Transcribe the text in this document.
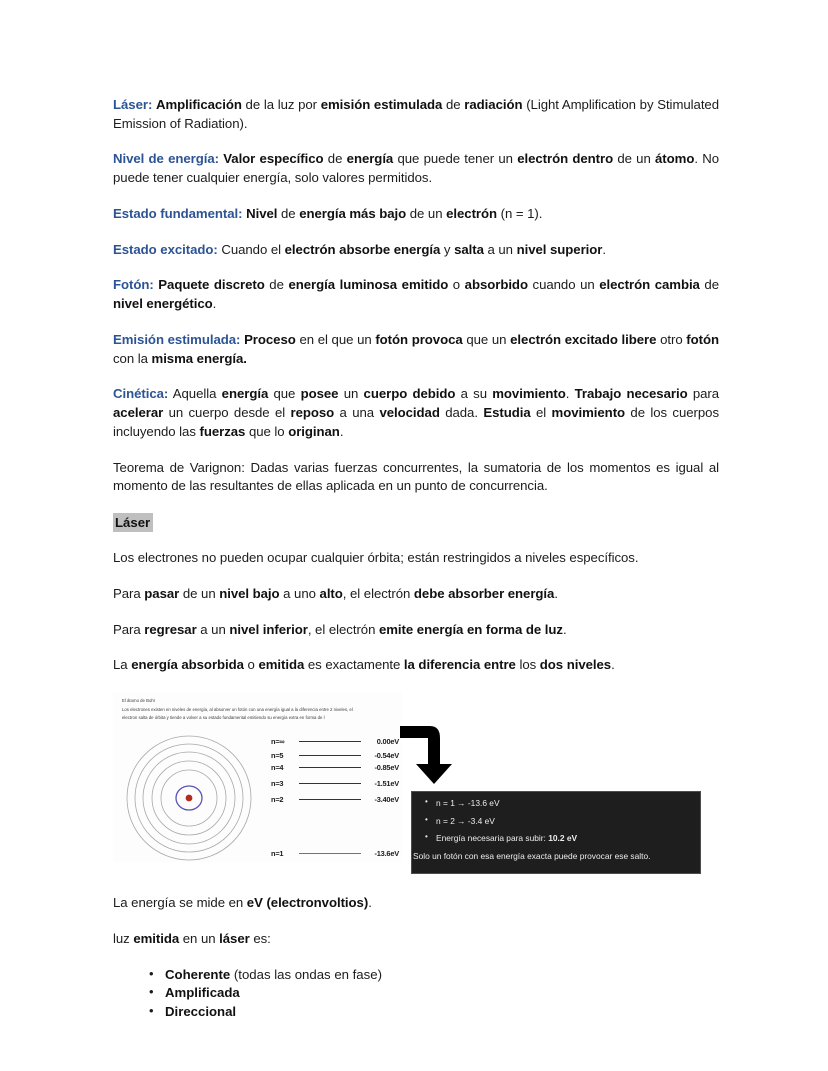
Láser: Amplificación de la luz por emisión estimulada de radiación (Light Amplification by Stimulated Emission of Radiation).

Nivel de energía: Valor específico de energía que puede tener un electrón dentro de un átomo. No puede tener cualquier energía, solo valores permitidos.

Estado fundamental: Nivel de energía más bajo de un electrón (n = 1).

Estado excitado: Cuando el electrón absorbe energía y salta a un nivel superior.

Fotón: Paquete discreto de energía luminosa emitido o absorbido cuando un electrón cambia de nivel energético.

Emisión estimulada: Proceso en el que un fotón provoca que un electrón excitado libere otro fotón con la misma energía.

Cinética: Aquella energía que posee un cuerpo debido a su movimiento. Trabajo necesario para acelerar un cuerpo desde el reposo a una velocidad dada. Estudia el movimiento de los cuerpos incluyendo las fuerzas que lo originan.

Teorema de Varignon: Dadas varias fuerzas concurrentes, la sumatoria de los momentos es igual al momento de las resultantes de ellas aplicada en un punto de concurrencia.

Láser

Los electrones no pueden ocupar cualquier órbita; están restringidos a niveles específicos.

Para pasar de un nivel bajo a uno alto, el electrón debe absorber energía.

Para regresar a un nivel inferior, el electrón emite energía en forma de luz.

La energía absorbida o emitida es exactamente la diferencia entre los dos niveles.

El átomo de Bohr
Los electrones existen en niveles de energía, al absorver un fotón con una energía igual a la diferencia entre 2 niveles, el electron salta de órbita y tiende a volver a su estado fundamental emitiendo su energía extra en forma de l
n=∞	0.00eV
n=5	-0.54eV
n=4	-0.85eV
n=3	-1.51eV
n=2	-3.40eV
n=1	-13.6eV
• n = 1 → -13.6 eV
• n = 2 → -3.4 eV
• Energía necesaria para subir: 10.2 eV
Solo un fotón con esa energía exacta puede provocar ese salto.

La energía se mide en eV (electronvoltios).

luz emitida en un láser es:

• Coherente (todas las ondas en fase)
• Amplificada
• Direccional
